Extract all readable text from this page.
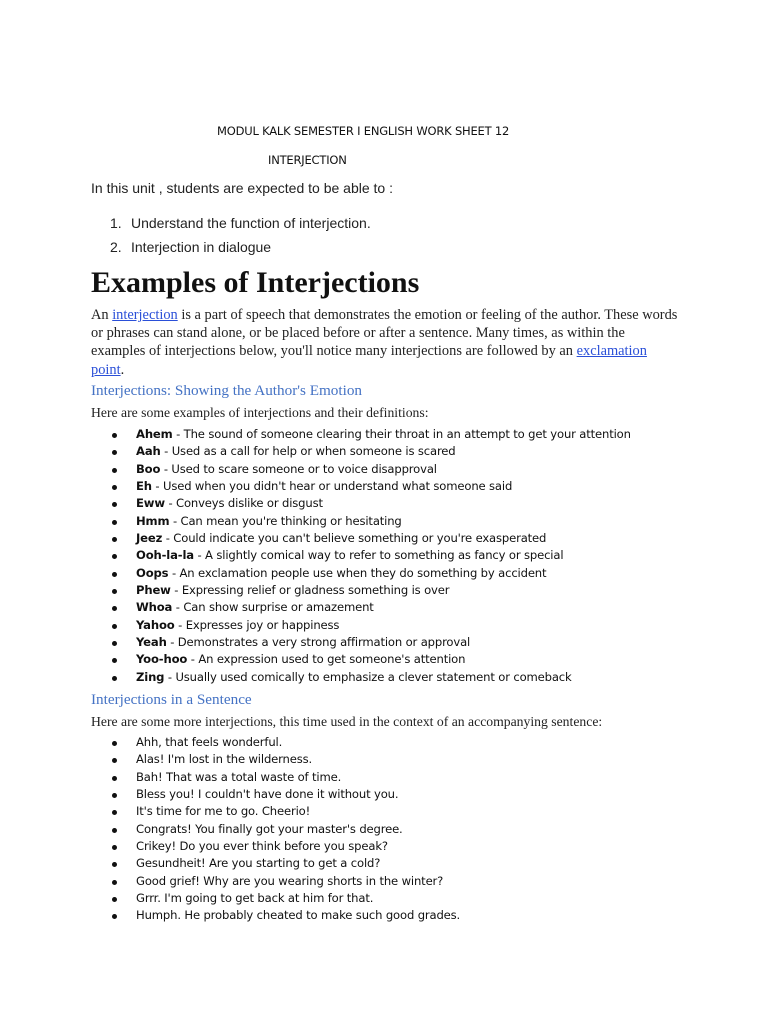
MODUL KALK SEMESTER I ENGLISH WORK SHEET 12
INTERJECTION
In this unit , students are expected to be able to :
1. Understand the function of interjection.
2. Interjection in dialogue
Examples of Interjections

An interjection is a part of speech that demonstrates the emotion or feeling of the author. These words or phrases can stand alone, or be placed before or after a sentence. Many times, as within the examples of interjections below, you'll notice many interjections are followed by an exclamation point.

Interjections: Showing the Author's Emotion

Here are some examples of interjections and their definitions:

Ahem - The sound of someone clearing their throat in an attempt to get your attention
Aah - Used as a call for help or when someone is scared
Boo - Used to scare someone or to voice disapproval
Eh - Used when you didn't hear or understand what someone said
Eww - Conveys dislike or disgust
Hmm - Can mean you're thinking or hesitating
Jeez - Could indicate you can't believe something or you're exasperated
Ooh-la-la - A slightly comical way to refer to something as fancy or special
Oops - An exclamation people use when they do something by accident
Phew - Expressing relief or gladness something is over
Whoa - Can show surprise or amazement
Yahoo - Expresses joy or happiness
Yeah - Demonstrates a very strong affirmation or approval
Yoo-hoo - An expression used to get someone's attention
Zing - Usually used comically to emphasize a clever statement or comeback
Interjections in a Sentence

Here are some more interjections, this time used in the context of an accompanying sentence:

Ahh, that feels wonderful.
Alas! I'm lost in the wilderness.
Bah! That was a total waste of time.
Bless you! I couldn't have done it without you.
It's time for me to go. Cheerio!
Congrats! You finally got your master's degree.
Crikey! Do you ever think before you speak?
Gesundheit! Are you starting to get a cold?
Good grief! Why are you wearing shorts in the winter?
Grrr. I'm going to get back at him for that.
Humph. He probably cheated to make such good grades.
